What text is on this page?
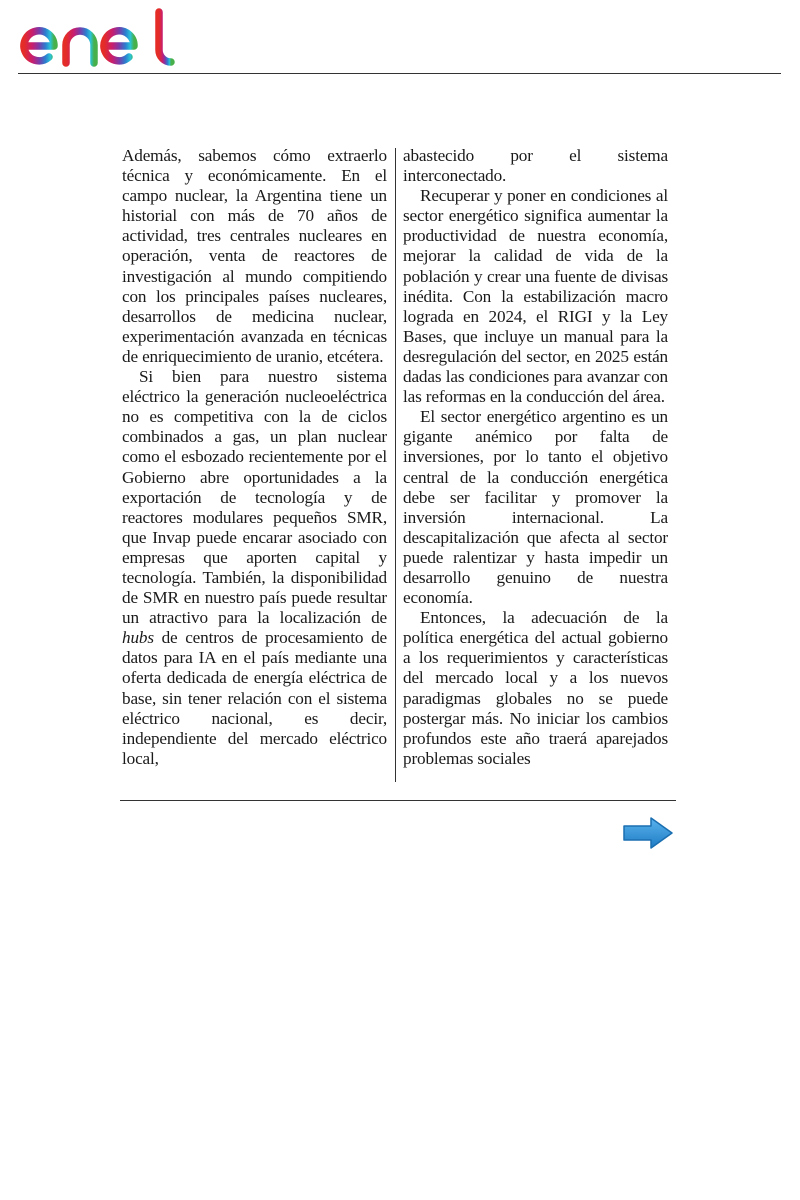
Además, sabemos cómo extraerlo técnica y económicamente. En el campo nuclear, la Argentina tiene un historial con más de 70 años de actividad, tres centrales nucleares en operación, venta de reactores de investigación al mundo compitiendo con los principales países nucleares, desarrollos de medicina nuclear, experimentación avanzada en técnicas de enriquecimiento de uranio, etcétera.

Si bien para nuestro sistema eléctrico la generación nucleoeléctrica no es competitiva con la de ciclos combinados a gas, un plan nuclear como el esbozado recientemente por el Gobierno abre oportunidades a la exportación de tecnología y de reactores modulares pequeños SMR, que Invap puede encarar asociado con empresas que aporten capital y tecnología. También, la disponibilidad de SMR en nuestro país puede resultar un atractivo para la localización de hubs de centros de procesamiento de datos para IA en el país mediante una oferta dedicada de energía eléctrica de base, sin tener relación con el sistema eléctrico nacional, es decir, independiente del mercado eléctrico local,

abastecido por el sistema interconectado.

Recuperar y poner en condiciones al sector energético significa aumentar la productividad de nuestra economía, mejorar la calidad de vida de la población y crear una fuente de divisas inédita. Con la estabilización macro lograda en 2024, el RIGI y la Ley Bases, que incluye un manual para la desregulación del sector, en 2025 están dadas las condiciones para avanzar con las reformas en la conducción del área.

El sector energético argentino es un gigante anémico por falta de inversiones, por lo tanto el objetivo central de la conducción energética debe ser facilitar y promover la inversión internacional. La descapitalización que afecta al sector puede ralentizar y hasta impedir un desarrollo genuino de nuestra economía.

Entonces, la adecuación de la política energética del actual gobierno a los requerimientos y características del mercado local y a los nuevos paradigmas globales no se puede postergar más. No iniciar los cambios profundos este año traerá aparejados problemas sociales
